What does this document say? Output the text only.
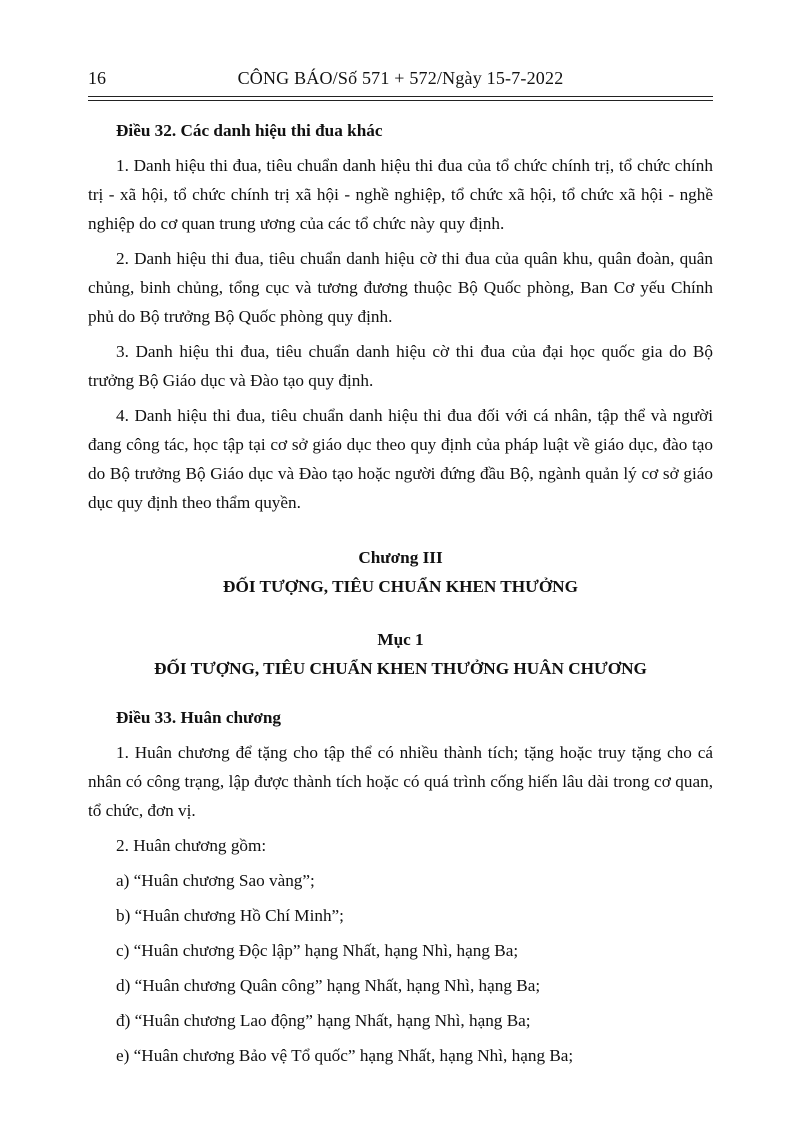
16	CÔNG BÁO/Số 571 + 572/Ngày 15-7-2022
Điều 32. Các danh hiệu thi đua khác

1. Danh hiệu thi đua, tiêu chuẩn danh hiệu thi đua của tổ chức chính trị, tổ chức chính trị - xã hội, tổ chức chính trị xã hội - nghề nghiệp, tổ chức xã hội, tổ chức xã hội - nghề nghiệp do cơ quan trung ương của các tổ chức này quy định.

2. Danh hiệu thi đua, tiêu chuẩn danh hiệu cờ thi đua của quân khu, quân đoàn, quân chủng, binh chủng, tổng cục và tương đương thuộc Bộ Quốc phòng, Ban Cơ yếu Chính phủ do Bộ trưởng Bộ Quốc phòng quy định.

3. Danh hiệu thi đua, tiêu chuẩn danh hiệu cờ thi đua của đại học quốc gia do Bộ trưởng Bộ Giáo dục và Đào tạo quy định.

4. Danh hiệu thi đua, tiêu chuẩn danh hiệu thi đua đối với cá nhân, tập thể và người đang công tác, học tập tại cơ sở giáo dục theo quy định của pháp luật về giáo dục, đào tạo do Bộ trưởng Bộ Giáo dục và Đào tạo hoặc người đứng đầu Bộ, ngành quản lý cơ sở giáo dục quy định theo thẩm quyền.

Chương III
ĐỐI TƯỢNG, TIÊU CHUẨN KHEN THƯỞNG
Mục 1
ĐỐI TƯỢNG, TIÊU CHUẨN KHEN THƯỞNG HUÂN CHƯƠNG
Điều 33. Huân chương

1. Huân chương để tặng cho tập thể có nhiều thành tích; tặng hoặc truy tặng cho cá nhân có công trạng, lập được thành tích hoặc có quá trình cống hiến lâu dài trong cơ quan, tổ chức, đơn vị.

2. Huân chương gồm:

a) “Huân chương Sao vàng”;

b) “Huân chương Hồ Chí Minh”;

c) “Huân chương Độc lập” hạng Nhất, hạng Nhì, hạng Ba;

d) “Huân chương Quân công” hạng Nhất, hạng Nhì, hạng Ba;

đ) “Huân chương Lao động” hạng Nhất, hạng Nhì, hạng Ba;

e) “Huân chương Bảo vệ Tổ quốc” hạng Nhất, hạng Nhì, hạng Ba;
